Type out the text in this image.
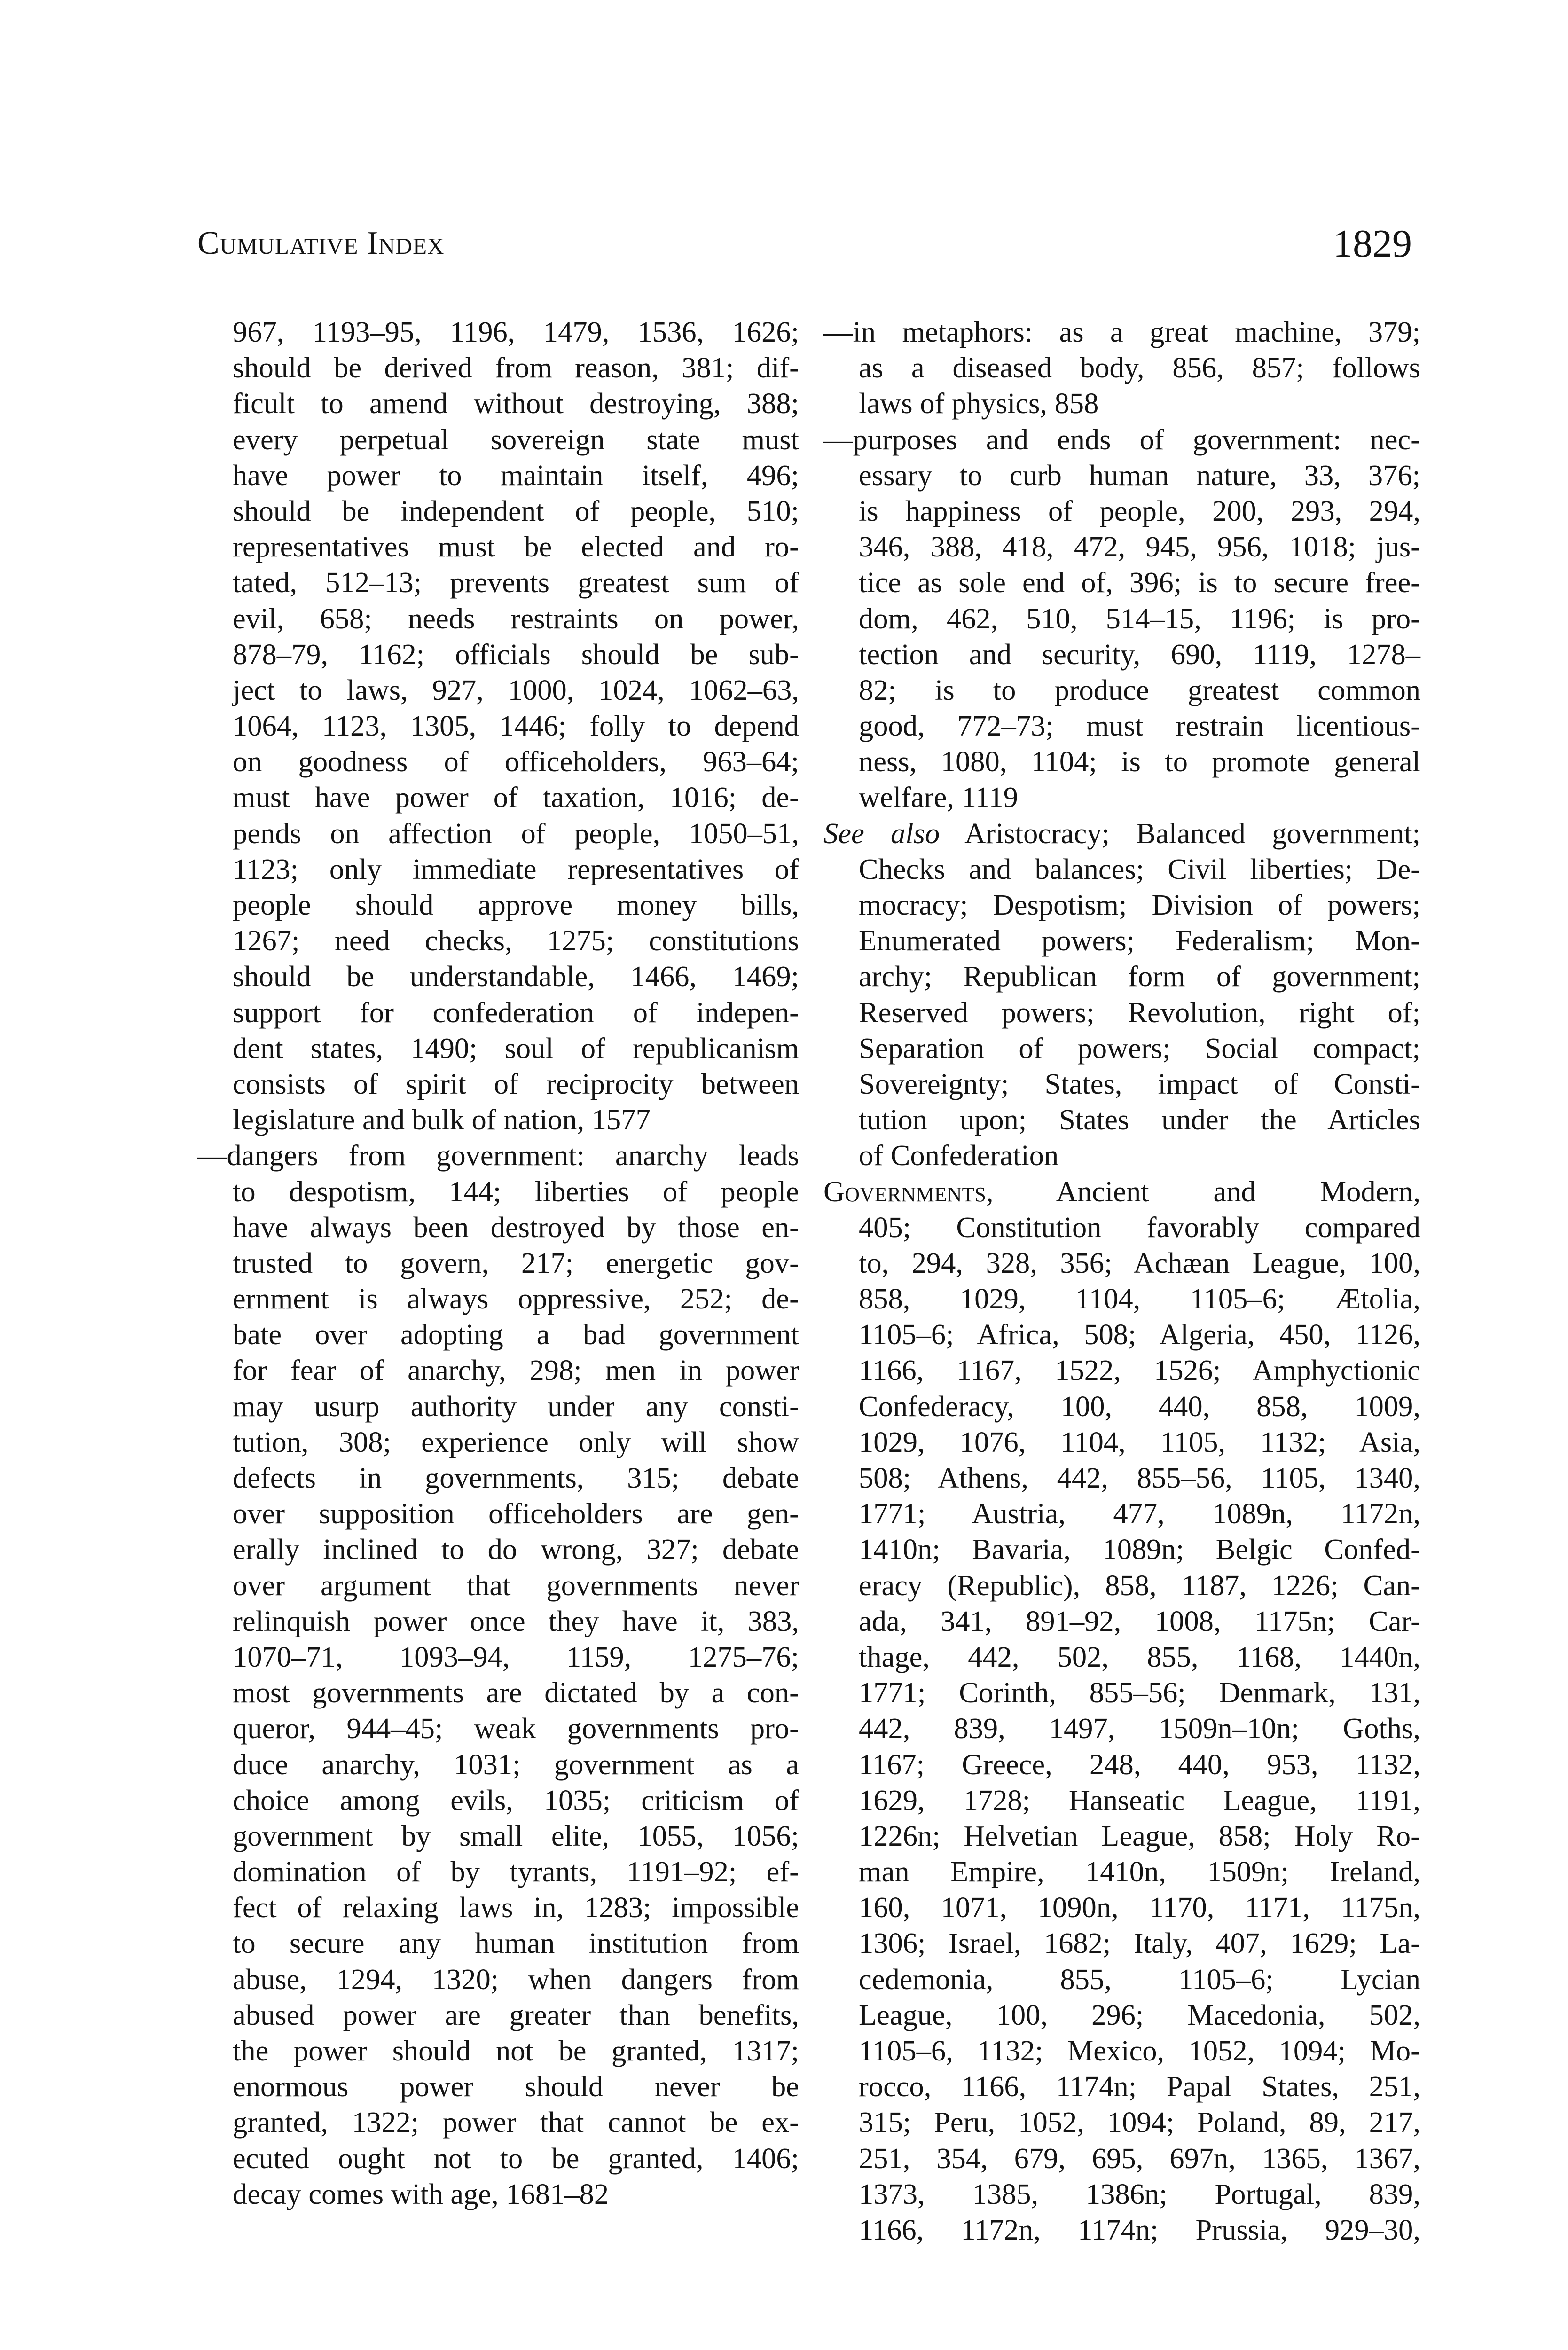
Cumulative Index	1829
967, 1193–95, 1196, 1479, 1536, 1626;
should be derived from reason, 381; dif-
ficult to amend without destroying, 388;
every perpetual sovereign state must
have power to maintain itself, 496;
should be independent of people, 510;
representatives must be elected and ro-
tated, 512–13; prevents greatest sum of
evil, 658; needs restraints on power,
878–79, 1162; officials should be sub-
ject to laws, 927, 1000, 1024, 1062–63,
1064, 1123, 1305, 1446; folly to depend
on goodness of officeholders, 963–64;
must have power of taxation, 1016; de-
pends on affection of people, 1050–51,
1123; only immediate representatives of
people should approve money bills,
1267; need checks, 1275; constitutions
should be understandable, 1466, 1469;
support for confederation of indepen-
dent states, 1490; soul of republicanism
consists of spirit of reciprocity between
legislature and bulk of nation, 1577
—dangers from government: anarchy leads
to despotism, 144; liberties of people
have always been destroyed by those en-
trusted to govern, 217; energetic gov-
ernment is always oppressive, 252; de-
bate over adopting a bad government
for fear of anarchy, 298; men in power
may usurp authority under any consti-
tution, 308; experience only will show
defects in governments, 315; debate
over supposition officeholders are gen-
erally inclined to do wrong, 327; debate
over argument that governments never
relinquish power once they have it, 383,
1070–71, 1093–94, 1159, 1275–76;
most governments are dictated by a con-
queror, 944–45; weak governments pro-
duce anarchy, 1031; government as a
choice among evils, 1035; criticism of
government by small elite, 1055, 1056;
domination of by tyrants, 1191–92; ef-
fect of relaxing laws in, 1283; impossible
to secure any human institution from
abuse, 1294, 1320; when dangers from
abused power are greater than benefits,
the power should not be granted, 1317;
enormous power should never be
granted, 1322; power that cannot be ex-
ecuted ought not to be granted, 1406;
decay comes with age, 1681–82
—in metaphors: as a great machine, 379;
as a diseased body, 856, 857; follows
laws of physics, 858
—purposes and ends of government: nec-
essary to curb human nature, 33, 376;
is happiness of people, 200, 293, 294,
346, 388, 418, 472, 945, 956, 1018; jus-
tice as sole end of, 396; is to secure free-
dom, 462, 510, 514–15, 1196; is pro-
tection and security, 690, 1119, 1278–
82; is to produce greatest common
good, 772–73; must restrain licentious-
ness, 1080, 1104; is to promote general
welfare, 1119
See also Aristocracy; Balanced government;
Checks and balances; Civil liberties; De-
mocracy; Despotism; Division of powers;
Enumerated powers; Federalism; Mon-
archy; Republican form of government;
Reserved powers; Revolution, right of;
Separation of powers; Social compact;
Sovereignty; States, impact of Consti-
tution upon; States under the Articles
of Confederation
Governments, Ancient and Modern,
405; Constitution favorably compared
to, 294, 328, 356; Achæan League, 100,
858, 1029, 1104, 1105–6; Ætolia,
1105–6; Africa, 508; Algeria, 450, 1126,
1166, 1167, 1522, 1526; Amphyctionic
Confederacy, 100, 440, 858, 1009,
1029, 1076, 1104, 1105, 1132; Asia,
508; Athens, 442, 855–56, 1105, 1340,
1771; Austria, 477, 1089n, 1172n,
1410n; Bavaria, 1089n; Belgic Confed-
eracy (Republic), 858, 1187, 1226; Can-
ada, 341, 891–92, 1008, 1175n; Car-
thage, 442, 502, 855, 1168, 1440n,
1771; Corinth, 855–56; Denmark, 131,
442, 839, 1497, 1509n–10n; Goths,
1167; Greece, 248, 440, 953, 1132,
1629, 1728; Hanseatic League, 1191,
1226n; Helvetian League, 858; Holy Ro-
man Empire, 1410n, 1509n; Ireland,
160, 1071, 1090n, 1170, 1171, 1175n,
1306; Israel, 1682; Italy, 407, 1629; La-
cedemonia, 855, 1105–6; Lycian
League, 100, 296; Macedonia, 502,
1105–6, 1132; Mexico, 1052, 1094; Mo-
rocco, 1166, 1174n; Papal States, 251,
315; Peru, 1052, 1094; Poland, 89, 217,
251, 354, 679, 695, 697n, 1365, 1367,
1373, 1385, 1386n; Portugal, 839,
1166, 1172n, 1174n; Prussia, 929–30,
